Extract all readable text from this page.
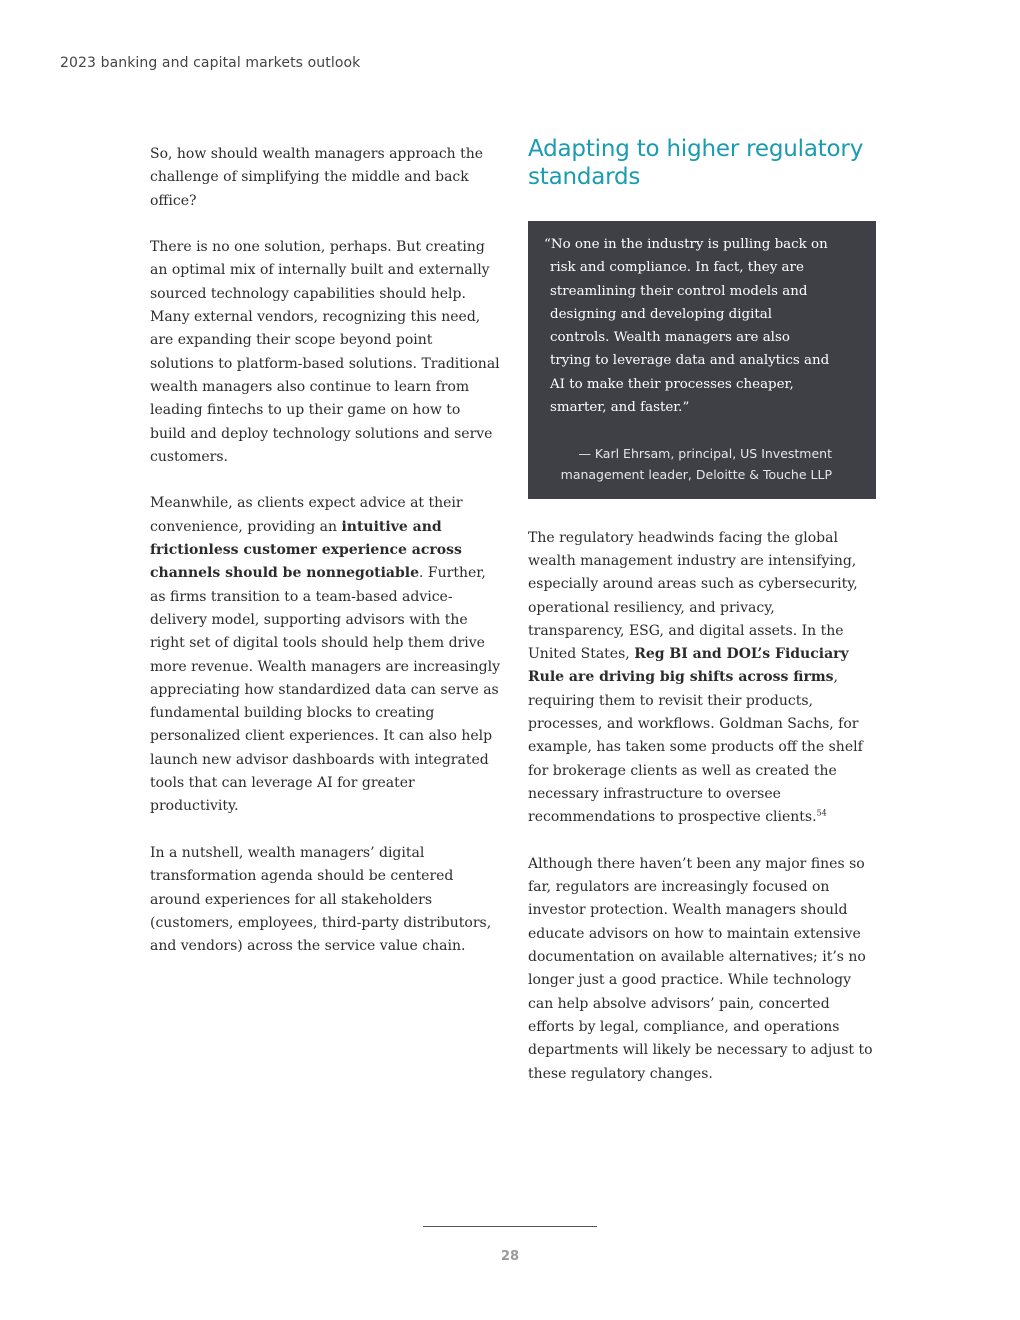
2023 banking and capital markets outlook

So, how should wealth managers approach the challenge of simplifying the middle and back office?

There is no one solution, perhaps. But creating an optimal mix of internally built and externally sourced technology capabilities should help. Many external vendors, recognizing this need, are expanding their scope beyond point solutions to platform-based solutions. Traditional wealth managers also continue to learn from leading fintechs to up their game on how to build and deploy technology solutions and serve customers.

Meanwhile, as clients expect advice at their convenience, providing an intuitive and frictionless customer experience across channels should be nonnegotiable. Further, as firms transition to a team-based advice-delivery model, supporting advisors with the right set of digital tools should help them drive more revenue. Wealth managers are increasingly appreciating how standardized data can serve as fundamental building blocks to creating personalized client experiences. It can also help launch new advisor dashboards with integrated tools that can leverage AI for greater productivity.

In a nutshell, wealth managers’ digital transformation agenda should be centered around experiences for all stakeholders (customers, employees, third-party distributors, and vendors) across the service value chain.

Adapting to higher regulatory standards

“No one in the industry is pulling back on risk and compliance. In fact, they are streamlining their control models and designing and developing digital controls. Wealth managers are also trying to leverage data and analytics and AI to make their processes cheaper, smarter, and faster.”

— Karl Ehrsam, principal, US Investment management leader, Deloitte & Touche LLP

The regulatory headwinds facing the global wealth management industry are intensifying, especially around areas such as cybersecurity, operational resiliency, and privacy, transparency, ESG, and digital assets. In the United States, Reg BI and DOL’s Fiduciary Rule are driving big shifts across firms, requiring them to revisit their products, processes, and workflows. Goldman Sachs, for example, has taken some products off the shelf for brokerage clients as well as created the necessary infrastructure to oversee recommendations to prospective clients.$^{54}$

Although there haven’t been any major fines so far, regulators are increasingly focused on investor protection. Wealth managers should educate advisors on how to maintain extensive documentation on available alternatives; it’s no longer just a good practice. While technology can help absolve advisors’ pain, concerted efforts by legal, compliance, and operations departments will likely be necessary to adjust to these regulatory changes.

28
